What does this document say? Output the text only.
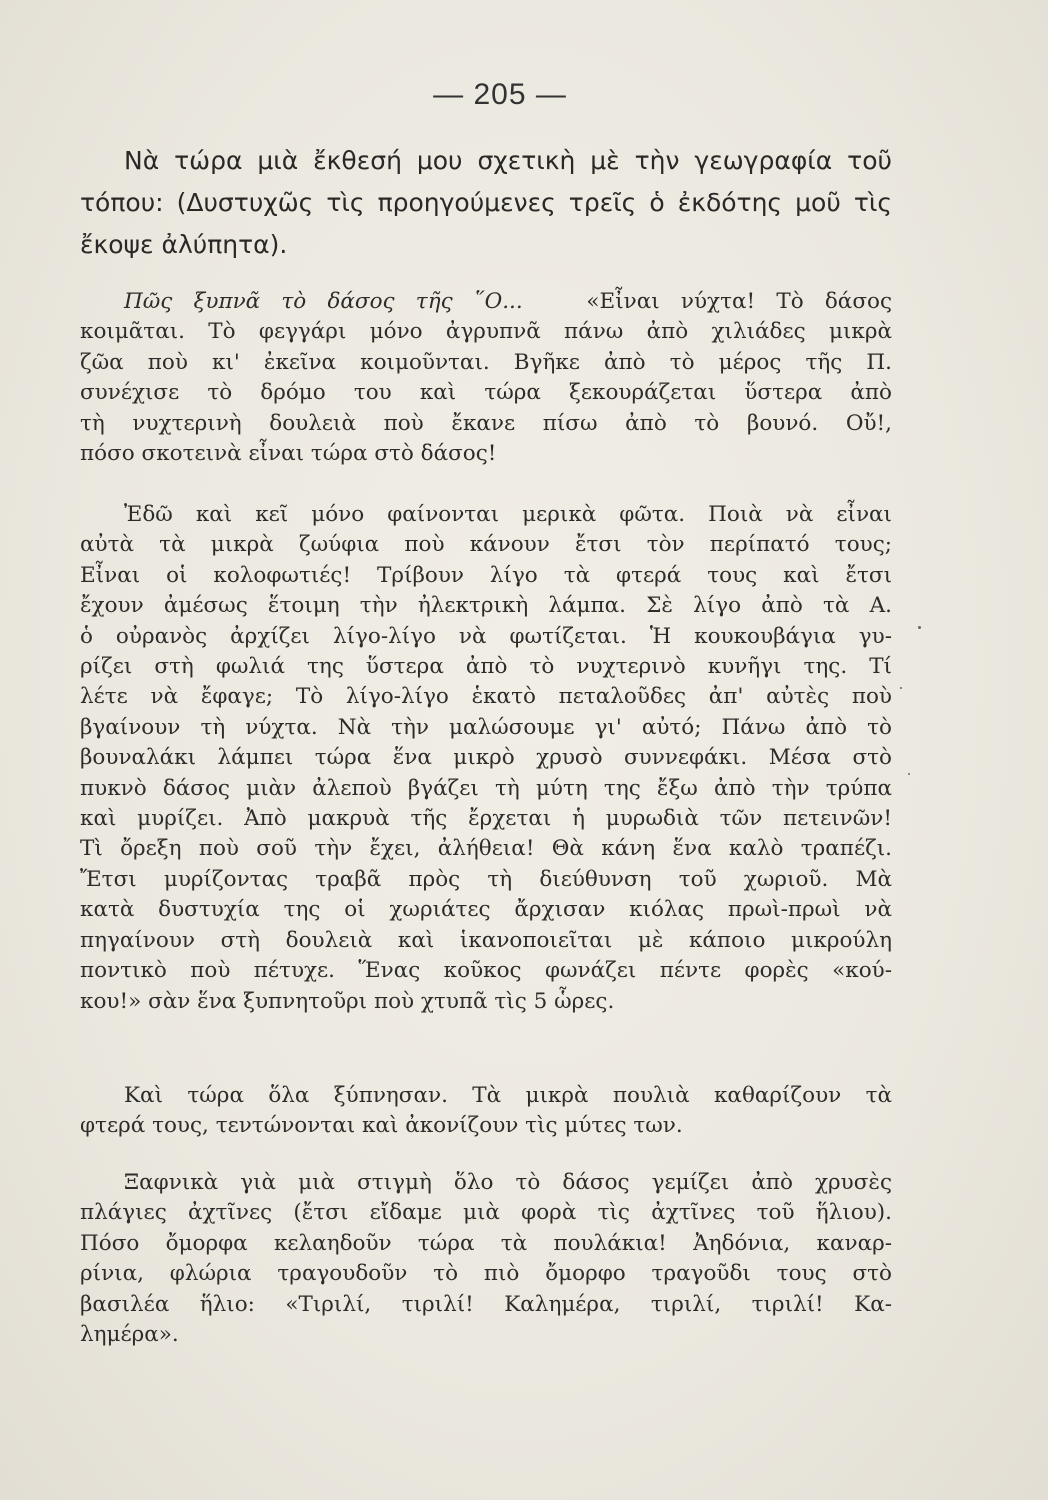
— 205 —
Νὰ τώρα μιὰ ἔκθεσή μου σχετικὴ μὲ τὴν γεωγραφία τοῦ
τόπου: (Δυστυχῶς τὶς προηγούμενες τρεῖς ὁ ἐκδότης μοῦ τὶς
ἔκοψε ἀλύπητα).
Πῶς ξυπνᾶ τὸ δάσος τῆς ῞Ο...	«Εἶναι νύχτα! Τὸ δάσος
κοιμᾶται. Τὸ φεγγάρι μόνο ἀγρυπνᾶ πάνω ἀπὸ χιλιάδες μικρὰ
ζῶα ποὺ κι' ἐκεῖνα κοιμοῦνται. Βγῆκε ἀπὸ τὸ μέρος τῆς Π.
συνέχισε τὸ δρόμο του καὶ τώρα ξεκουράζεται ὕστερα ἀπὸ
τὴ νυχτερινὴ δουλειὰ ποὺ ἔκανε πίσω ἀπὸ τὸ βουνό. Οὔ!,
πόσο σκοτεινὰ εἶναι τώρα στὸ δάσος!
Ἐδῶ καὶ κεῖ μόνο φαίνονται μερικὰ φῶτα. Ποιὰ νὰ εἶναι
αὐτὰ τὰ μικρὰ ζωύφια ποὺ κάνουν ἔτσι τὸν περίπατό τους;
Εἶναι οἱ κολοφωτιές! Τρίβουν λίγο τὰ φτερά τους καὶ ἔτσι
ἔχουν ἀμέσως ἕτοιμη τὴν ἠλεκτρικὴ λάμπα. Σὲ λίγο ἀπὸ τὰ Α.
ὁ οὐρανὸς ἀρχίζει λίγο-λίγο νὰ φωτίζεται. Ἡ κουκουβάγια γυ-
ρίζει στὴ φωλιά της ὕστερα ἀπὸ τὸ νυχτερινὸ κυνῆγι της. Τί
λέτε νὰ ἔφαγε; Τὸ λίγο-λίγο ἑκατὸ πεταλοῦδες ἀπ' αὐτὲς ποὺ
βγαίνουν τὴ νύχτα. Νὰ τὴν μαλώσουμε γι' αὐτό; Πάνω ἀπὸ τὸ
βουναλάκι λάμπει τώρα ἕνα μικρὸ χρυσὸ συννεφάκι. Μέσα στὸ
πυκνὸ δάσος μιὰν ἀλεποὺ βγάζει τὴ μύτη της ἔξω ἀπὸ τὴν τρύπα
καὶ μυρίζει. Ἀπὸ μακρυὰ τῆς ἔρχεται ἡ μυρωδιὰ τῶν πετεινῶν!
Τὶ ὄρεξη ποὺ σοῦ τὴν ἔχει, ἀλήθεια! Θὰ κάνη ἕνα καλὸ τραπέζι.
Ἔτσι μυρίζοντας τραβᾶ πρὸς τὴ διεύθυνση τοῦ χωριοῦ. Μὰ
κατὰ δυστυχία της οἱ χωριάτες ἄρχισαν κιόλας πρωὶ-πρωὶ νὰ
πηγαίνουν στὴ δουλειὰ καὶ ἱκανοποιεῖται μὲ κάποιο μικρούλη
ποντικὸ ποὺ πέτυχε. Ἕνας κοῦκος φωνάζει πέντε φορὲς «κού-
κου!» σὰν ἕνα ξυπνητοῦρι ποὺ χτυπᾶ τὶς 5 ὧρες.
Καὶ τώρα ὅλα ξύπνησαν. Τὰ μικρὰ πουλιὰ καθαρίζουν τὰ
φτερά τους, τεντώνονται καὶ ἀκονίζουν τὶς μύτες των.
Ξαφνικὰ γιὰ μιὰ στιγμὴ ὅλο τὸ δάσος γεμίζει ἀπὸ χρυσὲς
πλάγιες ἀχτῖνες (ἔτσι εἴδαμε μιὰ φορὰ τὶς ἀχτῖνες τοῦ ἥλιου).
Πόσο ὄμορφα κελαηδοῦν τώρα τὰ πουλάκια! Ἀηδόνια, καναρ-
ρίνια, φλώρια τραγουδοῦν τὸ πιὸ ὄμορφο τραγοῦδι τους στὸ
βασιλέα ἥλιο: «Τιριλί, τιριλί! Καλημέρα, τιριλί, τιριλί! Κα-
λημέρα».
